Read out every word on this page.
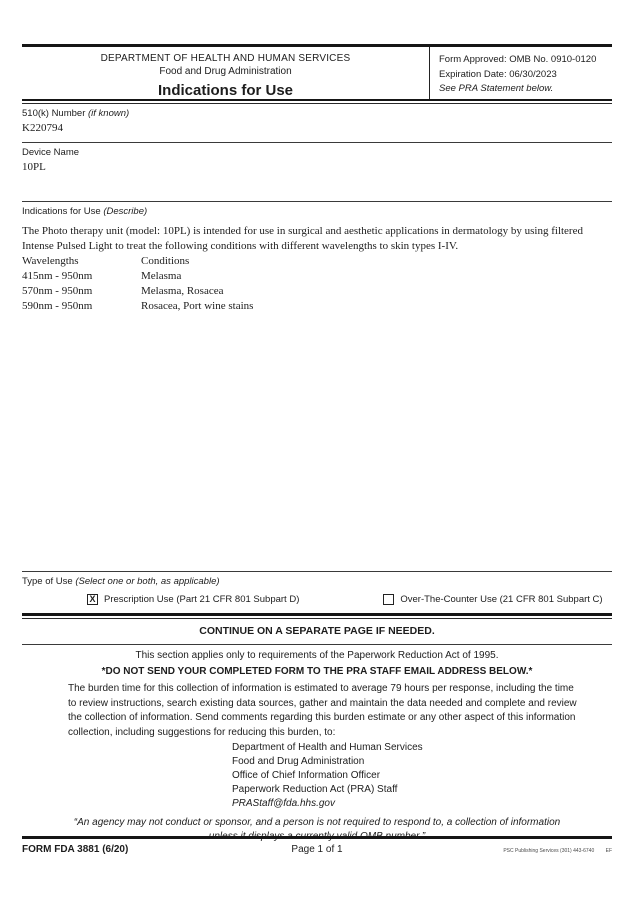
DEPARTMENT OF HEALTH AND HUMAN SERVICES
Food and Drug Administration
Indications for Use
Form Approved: OMB No. 0910-0120
Expiration Date: 06/30/2023
See PRA Statement below.
510(k) Number (if known)
K220794
Device Name
10PL
Indications for Use (Describe)
The Photo therapy unit (model: 10PL) is intended for use in surgical and aesthetic applications in dermatology by using filtered Intense Pulsed Light to treat the following conditions with different wavelengths to skin types I-IV.
Wavelengths	Conditions
415nm - 950nm	Melasma
570nm - 950nm	Melasma, Rosacea
590nm - 950nm	Rosacea, Port wine stains
Type of Use (Select one or both, as applicable)
X Prescription Use (Part 21 CFR 801 Subpart D)	Over-The-Counter Use (21 CFR 801 Subpart C)
CONTINUE ON A SEPARATE PAGE IF NEEDED.
This section applies only to requirements of the Paperwork Reduction Act of 1995.
*DO NOT SEND YOUR COMPLETED FORM TO THE PRA STAFF EMAIL ADDRESS BELOW.*
The burden time for this collection of information is estimated to average 79 hours per response, including the time to review instructions, search existing data sources, gather and maintain the data needed and complete and review the collection of information. Send comments regarding this burden estimate or any other aspect of this information collection, including suggestions for reducing this burden, to:
Department of Health and Human Services
Food and Drug Administration
Office of Chief Information Officer
Paperwork Reduction Act (PRA) Staff
PRAStaff@fda.hhs.gov
“An agency may not conduct or sponsor, and a person is not required to respond to, a collection of information unless it displays a currently valid OMB number.”
FORM FDA 3881 (6/20)	Page 1 of 1	PSC Publishing Services (301) 443-6740 EF
